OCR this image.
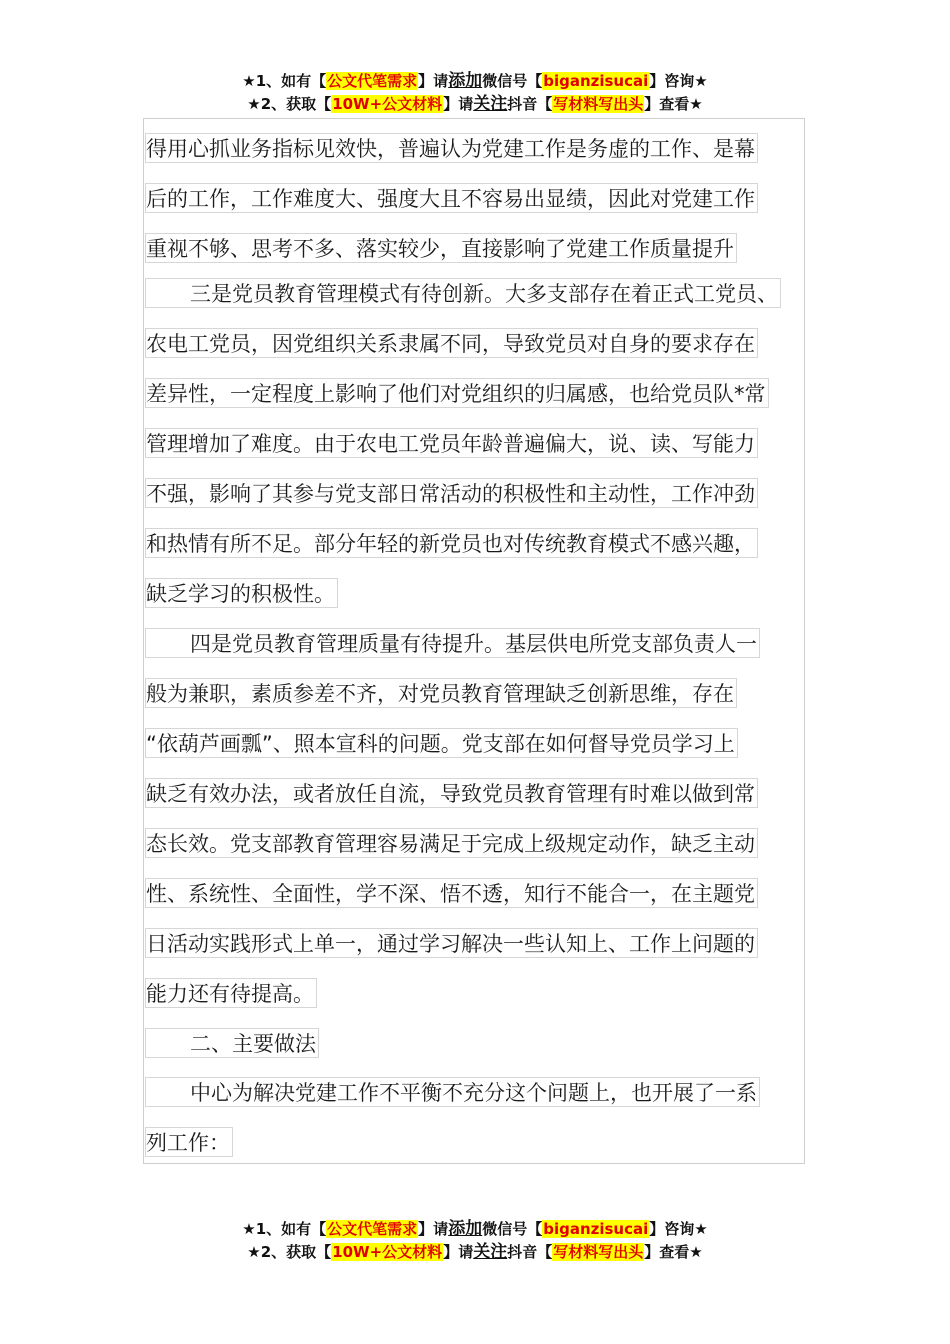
★1、如有【公文代笔需求】请添加微信号【biganzisucai】咨询★
★2、获取【10W+公文材料】请关注抖音【写材料写出头】查看★
得用心抓业务指标见效快，普遍认为党建工作是务虚的工作、是幕
后的工作，工作难度大、强度大且不容易出显绩，因此对党建工作
重视不够、思考不多、落实较少，直接影响了党建工作质量提升
三是党员教育管理模式有待创新。大多支部存在着正式工党员、
农电工党员，因党组织关系隶属不同，导致党员对自身的要求存在
差异性，一定程度上影响了他们对党组织的归属感，也给党员队*常
管理增加了难度。由于农电工党员年龄普遍偏大，说、读、写能力
不强，影响了其参与党支部日常活动的积极性和主动性，工作冲劲
和热情有所不足。部分年轻的新党员也对传统教育模式不感兴趣，
缺乏学习的积极性。
四是党员教育管理质量有待提升。基层供电所党支部负责人一
般为兼职，素质参差不齐，对党员教育管理缺乏创新思维，存在
“依葫芦画瓢”、照本宣科的问题。党支部在如何督导党员学习上
缺乏有效办法，或者放任自流，导致党员教育管理有时难以做到常
态长效。党支部教育管理容易满足于完成上级规定动作，缺乏主动
性、系统性、全面性，学不深、悟不透，知行不能合一，在主题党
日活动实践形式上单一，通过学习解决一些认知上、工作上问题的
能力还有待提高。
二、主要做法
中心为解决党建工作不平衡不充分这个问题上，也开展了一系
列工作：
★1、如有【公文代笔需求】请添加微信号【biganzisucai】咨询★
★2、获取【10W+公文材料】请关注抖音【写材料写出头】查看★
